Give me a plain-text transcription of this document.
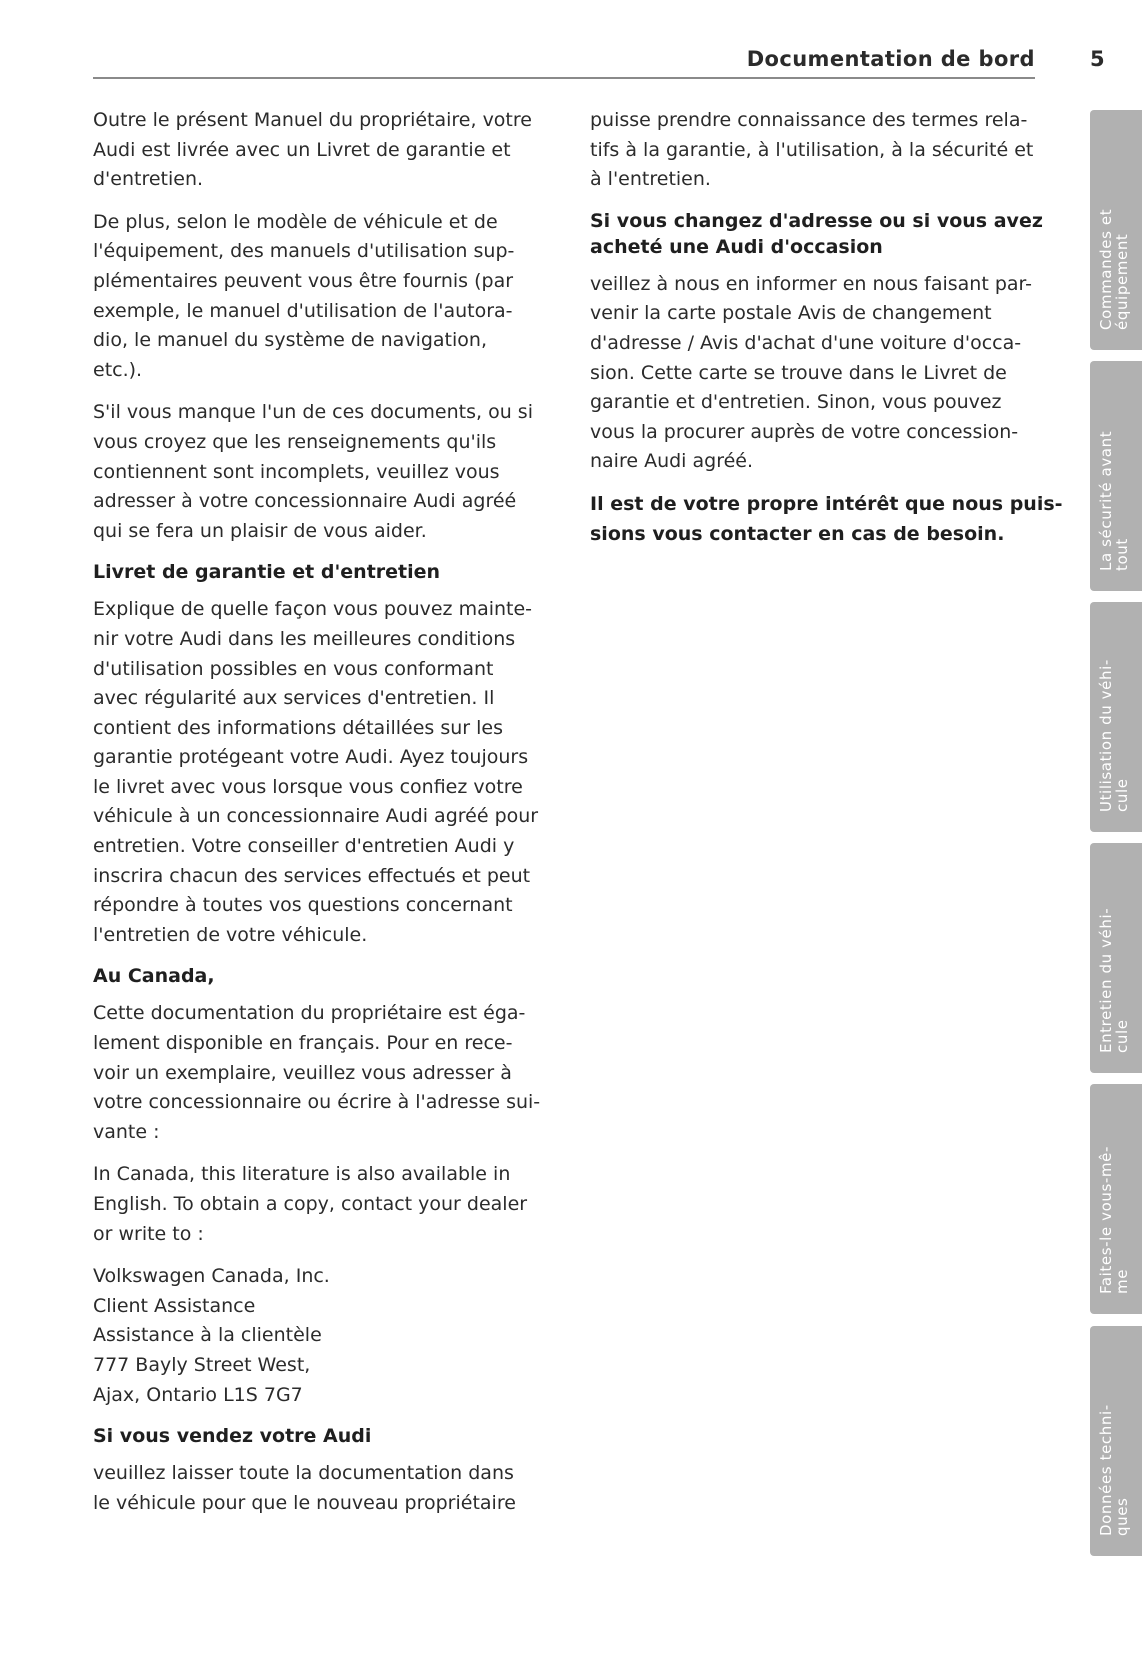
Documentation de bord	5

Outre le présent Manuel du propriétaire, votre
Audi est livrée avec un Livret de garantie et
d'entretien.

De plus, selon le modèle de véhicule et de
l'équipement, des manuels d'utilisation sup-
plémentaires peuvent vous être fournis (par
exemple, le manuel d'utilisation de l'autora-
dio, le manuel du système de navigation,
etc.).

S'il vous manque l'un de ces documents, ou si
vous croyez que les renseignements qu'ils
contiennent sont incomplets, veuillez vous
adresser à votre concessionnaire Audi agréé
qui se fera un plaisir de vous aider.

Livret de garantie et d'entretien

Explique de quelle façon vous pouvez mainte-
nir votre Audi dans les meilleures conditions
d'utilisation possibles en vous conformant
avec régularité aux services d'entretien. Il
contient des informations détaillées sur les
garantie protégeant votre Audi. Ayez toujours
le livret avec vous lorsque vous confiez votre
véhicule à un concessionnaire Audi agréé pour
entretien. Votre conseiller d'entretien Audi y
inscrira chacun des services effectués et peut
répondre à toutes vos questions concernant
l'entretien de votre véhicule.

Au Canada,

Cette documentation du propriétaire est éga-
lement disponible en français. Pour en rece-
voir un exemplaire, veuillez vous adresser à
votre concessionnaire ou écrire à l'adresse sui-
vante :

In Canada, this literature is also available in
English. To obtain a copy, contact your dealer
or write to :

Volkswagen Canada, Inc.
Client Assistance
Assistance à la clientèle
777 Bayly Street West,
Ajax, Ontario L1S 7G7

Si vous vendez votre Audi

veuillez laisser toute la documentation dans
le véhicule pour que le nouveau propriétaire

puisse prendre connaissance des termes rela-
tifs à la garantie, à l'utilisation, à la sécurité et
à l'entretien.

Si vous changez d'adresse ou si vous avez
acheté une Audi d'occasion

veillez à nous en informer en nous faisant par-
venir la carte postale Avis de changement
d'adresse / Avis d'achat d'une voiture d'occa-
sion. Cette carte se trouve dans le Livret de
garantie et d'entretien. Sinon, vous pouvez
vous la procurer auprès de votre concession-
naire Audi agréé.

Il est de votre propre intérêt que nous puis-
sions vous contacter en cas de besoin.

Commandes et
équipement
La sécurité avant
tout
Utilisation du véhi-
cule
Entretien du véhi-
cule
Faites-le vous-mê-
me
Données techni-
ques
